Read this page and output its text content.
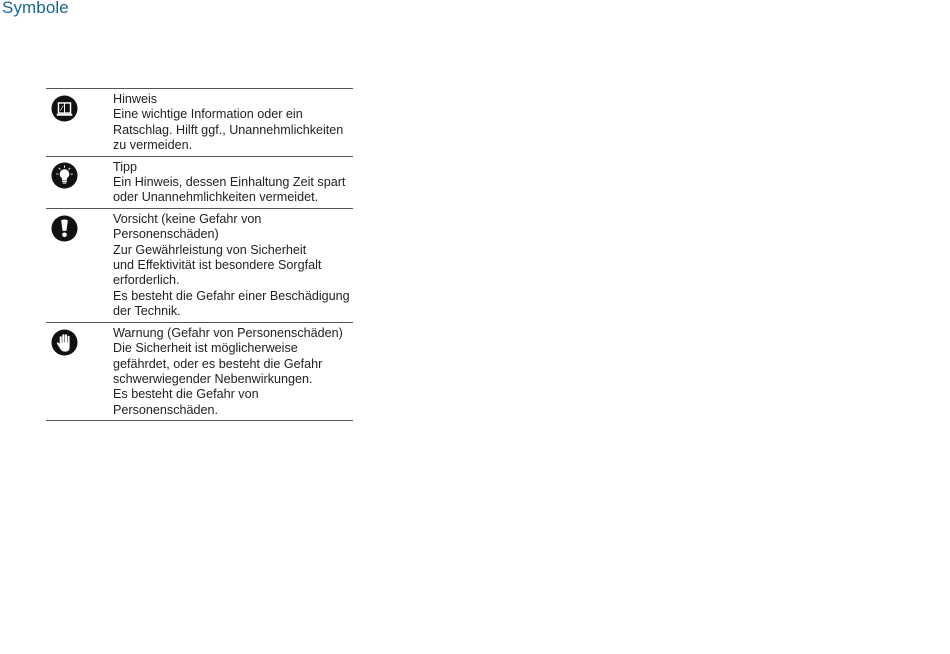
Symbole
Hinweis
Eine wichtige Information oder ein
Ratschlag. Hilft ggf., Unannehmlichkeiten
zu vermeiden.
Tipp
Ein Hinweis, dessen Einhaltung Zeit spart
oder Unannehmlichkeiten vermeidet.
Vorsicht (keine Gefahr von
Personenschäden)
Zur Gewährleistung von Sicherheit
und Effektivität ist besondere Sorgfalt
erforderlich.
Es besteht die Gefahr einer Beschädigung
der Technik.
Warnung (Gefahr von Personenschäden)
Die Sicherheit ist möglicherweise
gefährdet, oder es besteht die Gefahr
schwerwiegender Nebenwirkungen.
Es besteht die Gefahr von
Personenschäden.
